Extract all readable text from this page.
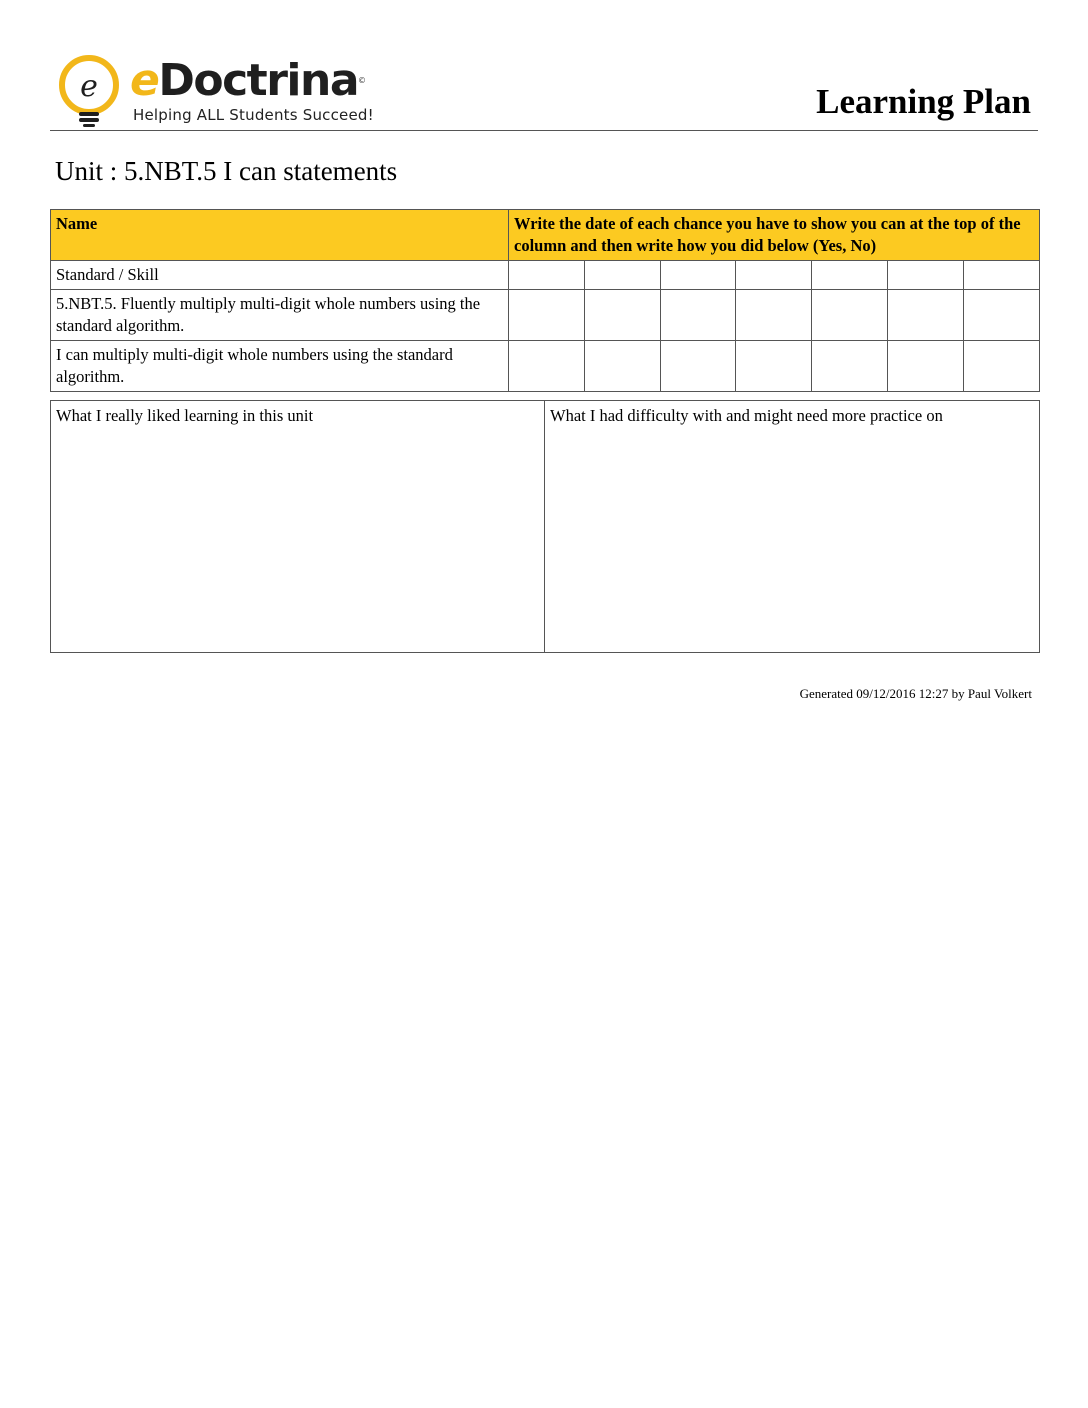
e eDoctrina©
Helping ALL Students Succeed!	Learning Plan
Unit : 5.NBT.5 I can statements
Name	Write the date of each chance you have to show you can at the top of the column and then write how you did below (Yes, No)						
Standard / Skill							
5.NBT.5. Fluently multiply multi-digit whole numbers using the standard algorithm.							
I can multiply multi-digit whole numbers using the standard algorithm.							
What I really liked learning in this unit	What I had difficulty with and might need more practice on
Generated 09/12/2016 12:27 by Paul Volkert
